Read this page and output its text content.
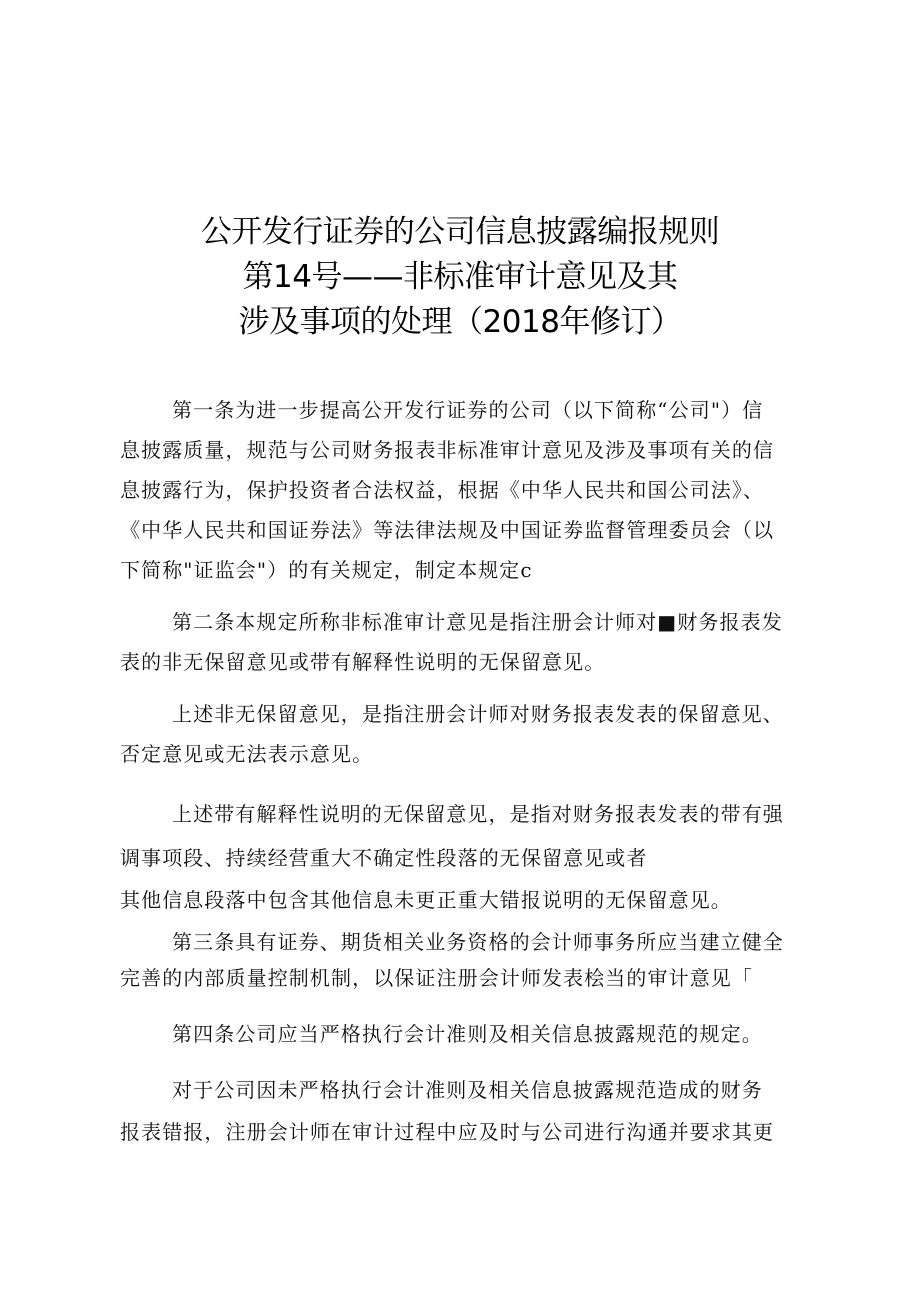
公开发行证券的公司信息披露编报规则
第14号——非标准审计意见及其
涉及事项的处理（2018年修订）
第一条为进一步提高公开发行证券的公司（以下简称“公司"）信
息披露质量，规范与公司财务报表非标准审计意见及涉及事项有关的信
息披露行为，保护投资者合法权益，根据《中华人民共和国公司法》、
《中华人民共和国证券法》等法律法规及中国证劵监督管理委员会（以
下简称"证监会"）的有关规定，制定本规定c
第二条本规定所称非标准审计意见是指注册会计师对■财务报表发
表的非无保留意见或带有解释性说明的无保留意见。
上述非无保留意见，是指注册会计师对财务报表发表的保留意见、
否定意见或无法表示意见。
上述带有解释性说明的无保留意见，是指对财务报表发表的带有强
调事项段、持续经营重大不确定性段落的无保留意见或者
其他信息段落中包含其他信息未更正重大错报说明的无保留意见。
第三条具有证券、期货相关业务资格的会计师事务所应当建立健全
完善的内部质量控制机制，以保证注册会计师发表桧当的审计意见「
第四条公司应当严格执行会计准则及相关信息披露规范的规定。
对于公司因未严格执行会计准则及相关信息披露规范造成的财务
报表错报，注册会计师在审计过程中应及时与公司进行沟通并要求其更
